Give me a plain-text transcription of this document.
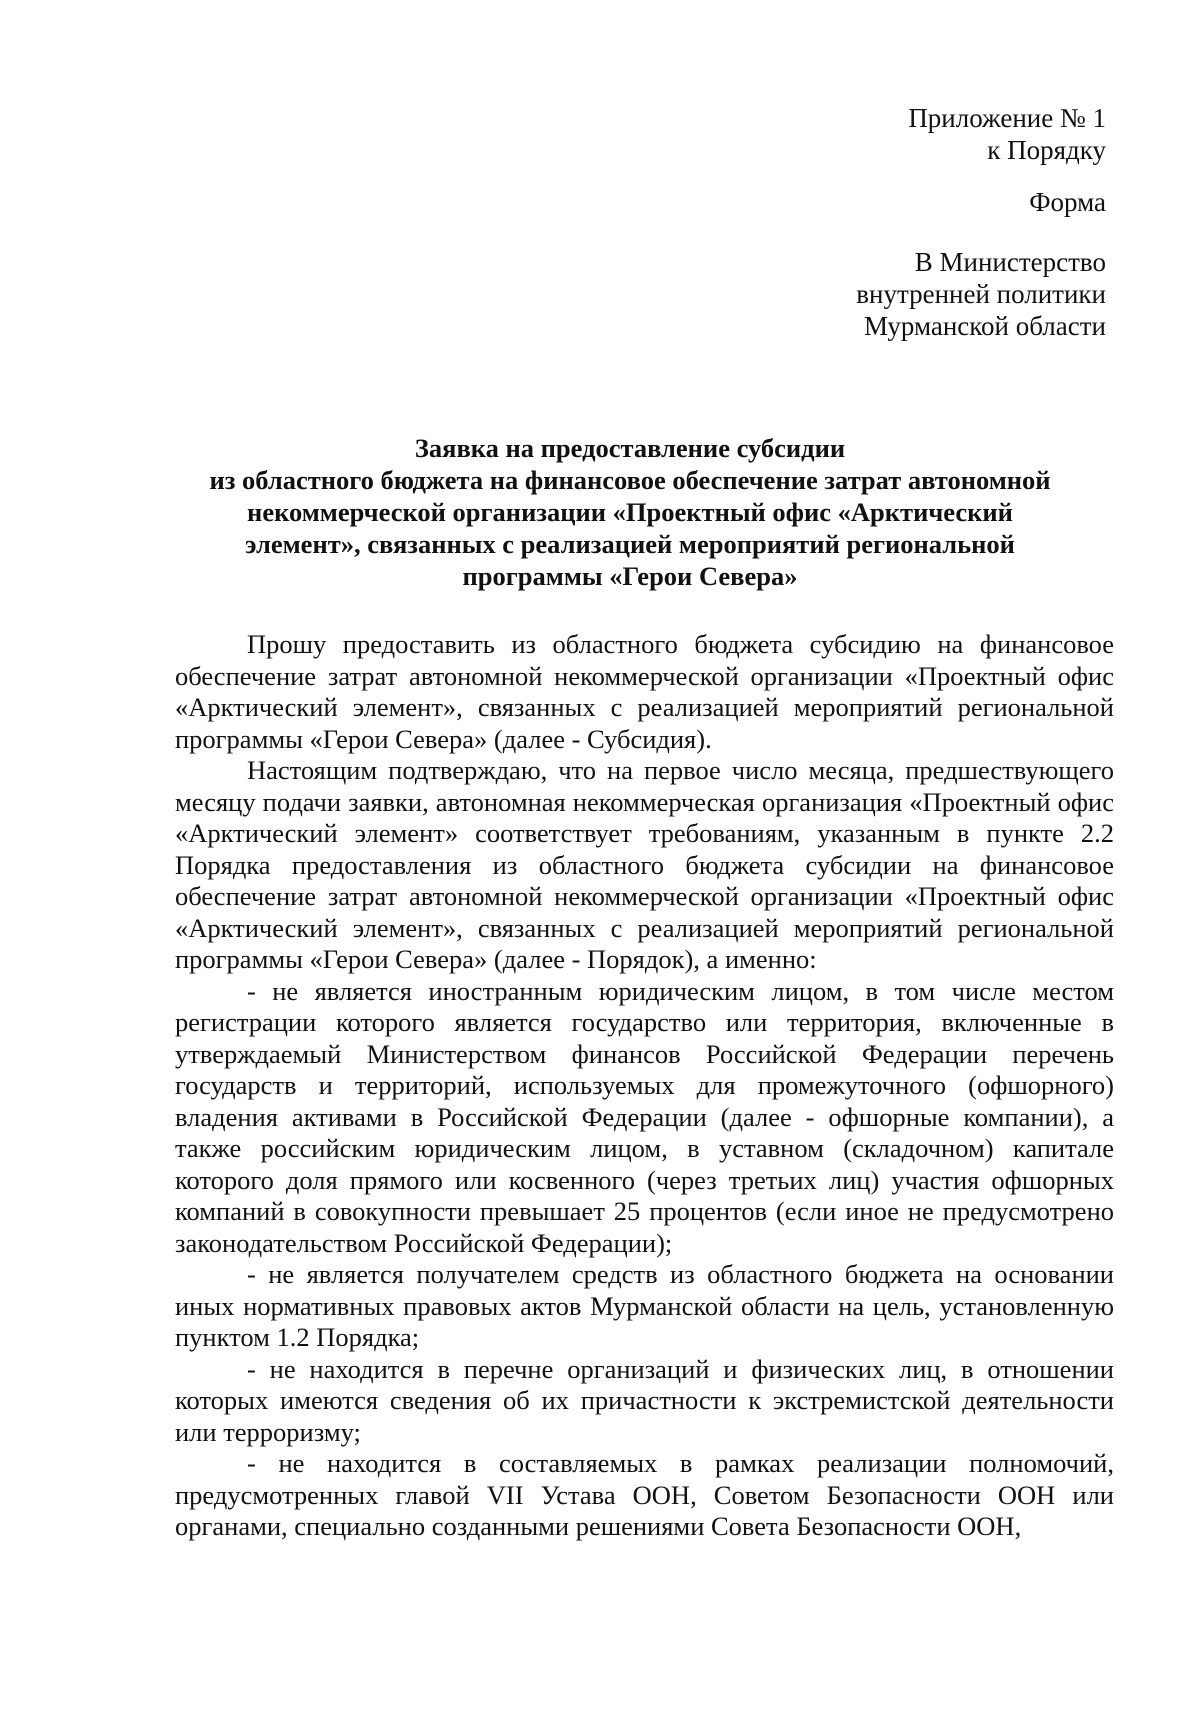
Приложение № 1
к Порядку
Форма
В Министерство
внутренней политики
Мурманской области
Заявка на предоставление субсидии
из областного бюджета на финансовое обеспечение затрат автономной
некоммерческой организации «Проектный офис «Арктический
элемент», связанных с реализацией мероприятий региональной
программы «Герои Севера»

Прошу предоставить из областного бюджета субсидию на финансовое обеспечение затрат автономной некоммерческой организации «Проектный офис «Арктический элемент», связанных с реализацией мероприятий региональной программы «Герои Севера» (далее - Субсидия).

Настоящим подтверждаю, что на первое число месяца, предшествующего месяцу подачи заявки, автономная некоммерческая организация «Проектный офис «Арктический элемент» соответствует требованиям, указанным в пункте 2.2 Порядка предоставления из областного бюджета субсидии на финансовое обеспечение затрат автономной некоммерческой организации «Проектный офис «Арктический элемент», связанных с реализацией мероприятий региональной программы «Герои Севера» (далее - Порядок), а именно:

- не является иностранным юридическим лицом, в том числе местом регистрации которого является государство или территория, включенные в утверждаемый Министерством финансов Российской Федерации перечень государств и территорий, используемых для промежуточного (офшорного) владения активами в Российской Федерации (далее - офшорные компании), а также российским юридическим лицом, в уставном (складочном) капитале которого доля прямого или косвенного (через третьих лиц) участия офшорных компаний в совокупности превышает 25 процентов (если иное не предусмотрено законодательством Российской Федерации);

- не является получателем средств из областного бюджета на основании иных нормативных правовых актов Мурманской области на цель, установленную пунктом 1.2 Порядка;

- не находится в перечне организаций и физических лиц, в отношении которых имеются сведения об их причастности к экстремистской деятельности или терроризму;

- не находится в составляемых в рамках реализации полномочий, предусмотренных главой VII Устава ООН, Советом Безопасности ООН или органами, специально созданными решениями Совета Безопасности ООН,
